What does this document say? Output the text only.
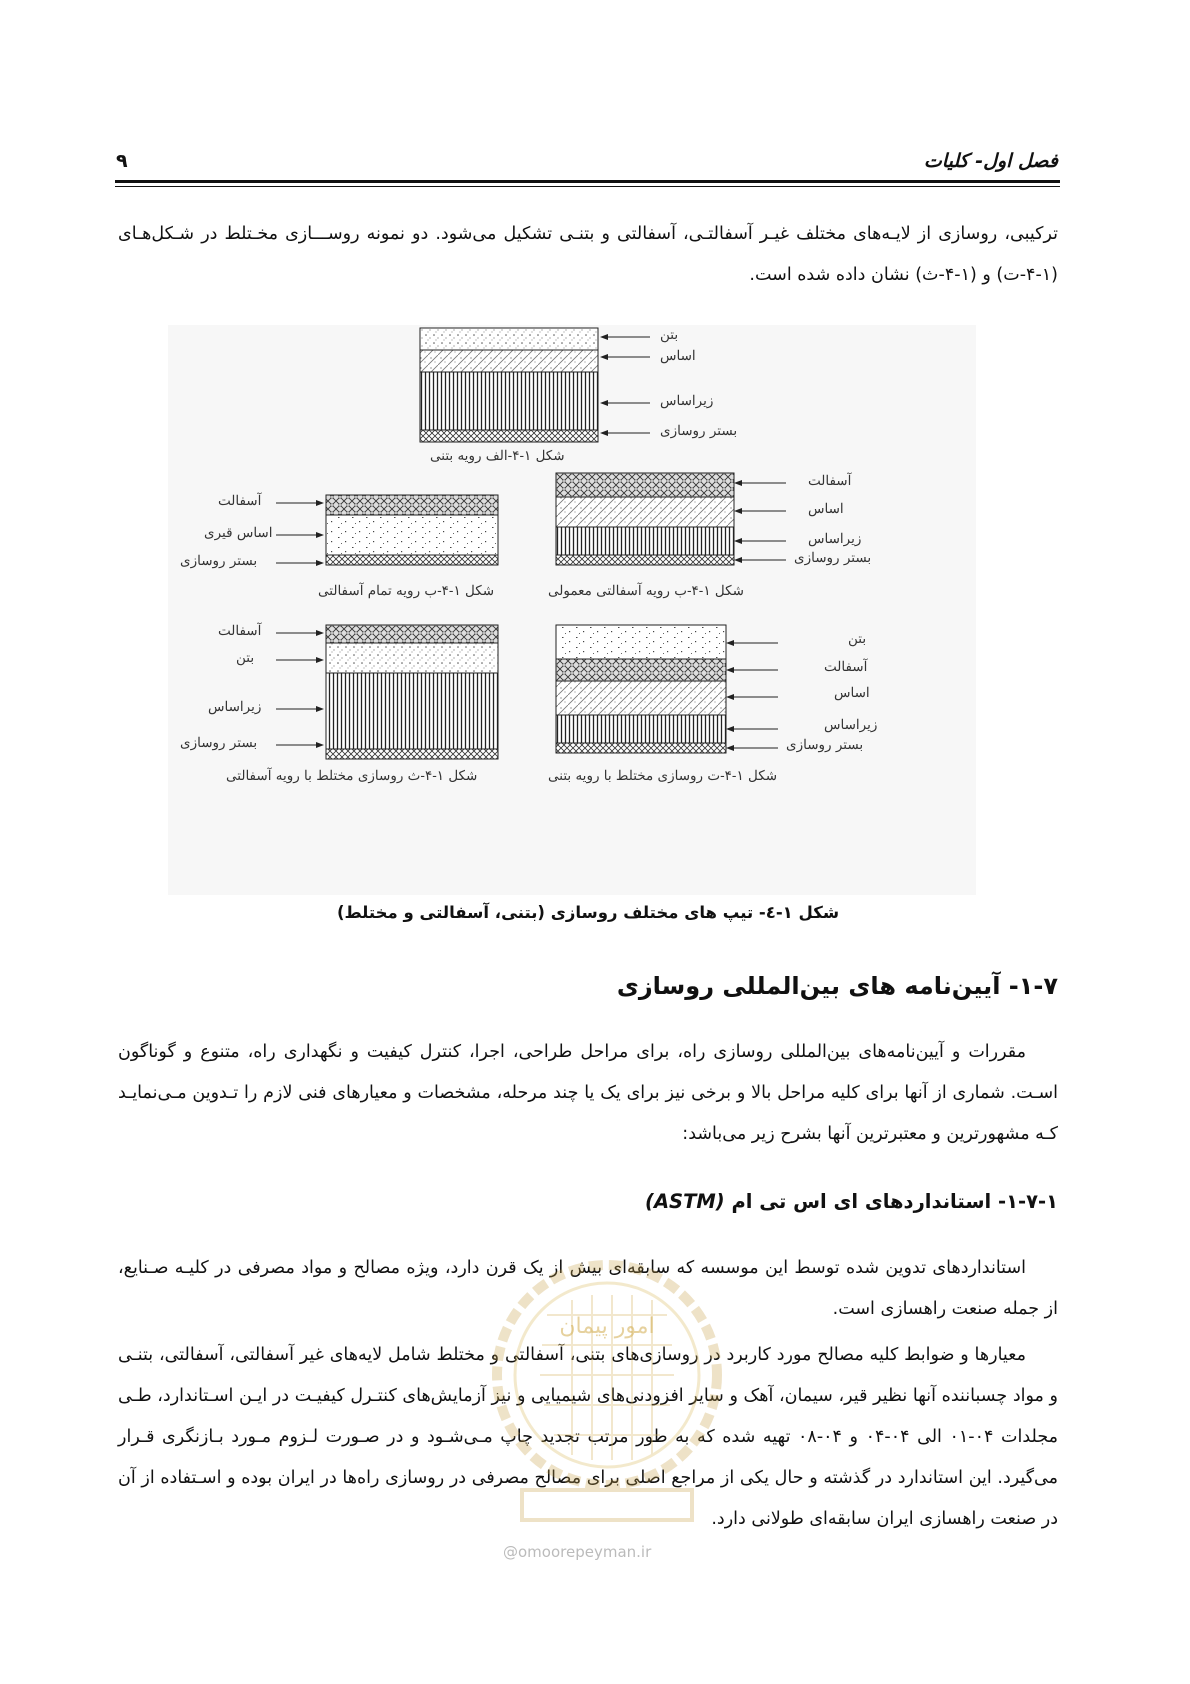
فصل اول- کلیات
۹
ترکیبی، روسازی از لایـه‌های مختلف غیـر آسفالتـی، آسفالتی و بتنـی تشکیل می‌شود. دو نمونه روســـازی مخـتلط در شـکل‌هـای (۱-۴-ت) و (۱-۴-ث) نشان داده شده است.
بتن
اساس
زیراساس
بستر روسازی
شکل ۱-۴-الف رویه بتنی
آسفالت
اساس
زیراساس
بستر روسازی
شکل ۱-۴-ب رویه آسفالتی معمولی
آسفالت
اساس قیری
بستر روسازی
شکل ۱-۴-ب رویه تمام آسفالتی
آسفالت
بتن
زیراساس
بستر روسازی
شکل ۱-۴-ث روسازی مختلط با رویه آسفالتی
بتن
آسفالت
اساس
زیراساس
بستر روسازی
شکل ۱-۴-ت روسازی مختلط با رویه بتنی
شکل ۱-٤- تیپ های مختلف روسازی (بتنی، آسفالتی و مختلط)
۱-۷- آیین‌نامه های بین‌المللی روسازی
مقررات و آیین‌نامه‌های بین‌المللی روسازی راه، برای مراحل طراحی، اجرا، کنترل کیفیت و نگهداری راه، متنوع و گوناگون اسـت. شماری از آنها برای کلیه مراحل بالا و برخی نیز برای یک یا چند مرحله، مشخصات و معیارهای فنی لازم را تـدوین مـی‌نمایـد کـه مشهورترین و معتبرترین آنها بشرح زیر می‌باشد:
۱-۷-۱- استانداردهای ای اس تی ام (ASTM)
استانداردهای تدوین شده توسط این موسسه که سابقه‌ای بیش از یک قرن دارد، ویژه مصالح و مواد مصرفی در کلیـه صـنایع، از جمله صنعت راهسازی است.
معیارها و ضوابط کلیه مصالح مورد کاربرد در روسازی‌های بتنی، آسفالتی و مختلط شامل لایه‌های غیر آسفالتی، آسفالتی، بتنـی و مواد چسباننده آنها نظیر قیر، سیمان، آهک و سایر افزودنی‌های شیمیایی و نیز آزمایش‌های کنتـرل کیفیـت در ایـن اسـتاندارد، طـی مجلدات ۰۴-۰۱ الی ۰۴-۰۴ و ۰۴-۰۸ تهیه شده که به طور مرتب تجدید چاپ مـی‌شـود و در صـورت لـزوم مـورد بـازنگری قـرار می‌گیرد. این استاندارد در گذشته و حال یکی از مراجع اصلی برای مصالح مصرفی در روسازی راه‌ها در ایران بوده و اسـتفاده از آن در صنعت راهسازی ایران سابقه‌ای طولانی دارد.
امور پیمان
@omoorepeyman.ir
